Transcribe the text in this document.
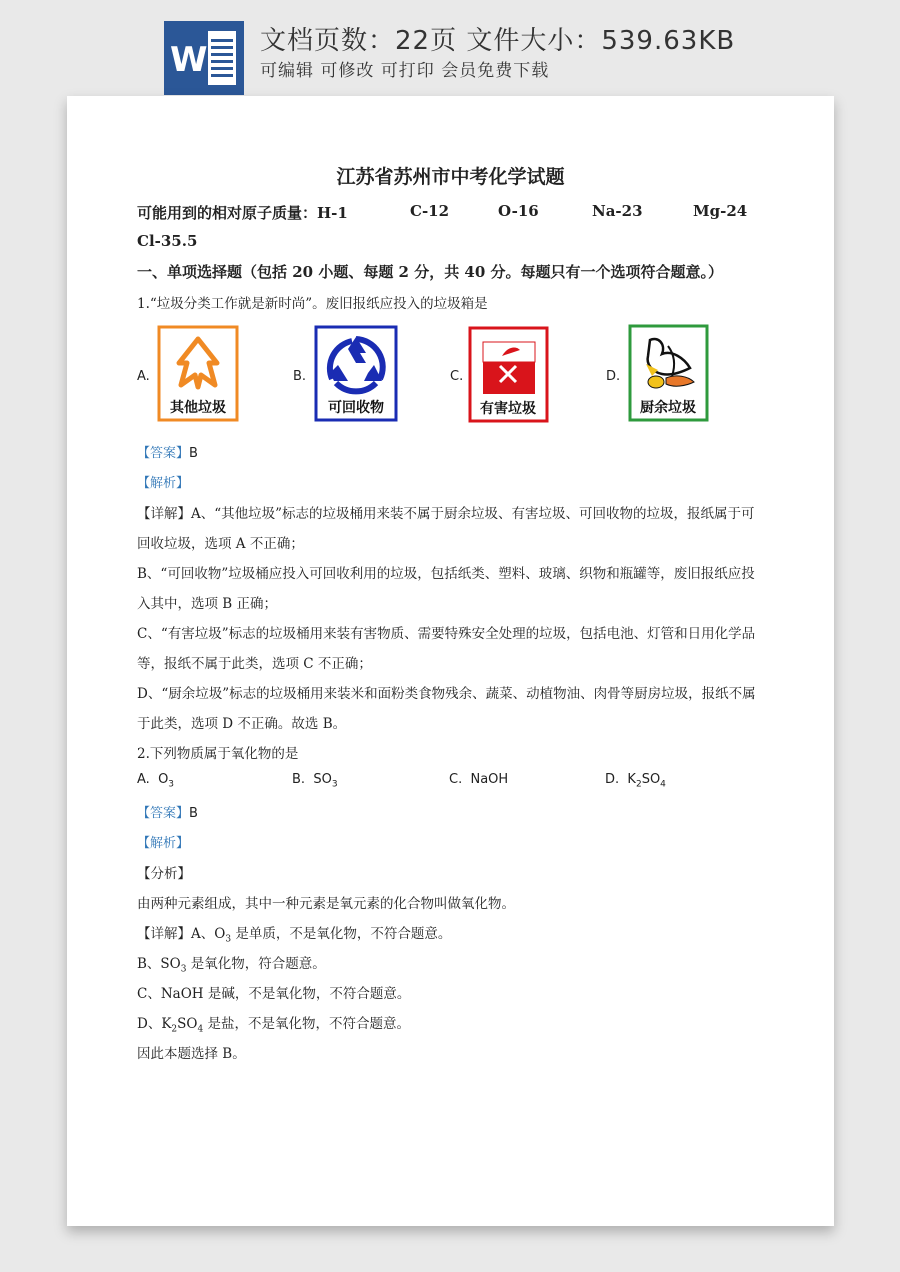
W 文档页数：22页 文件大小：539.63KB
可编辑 可修改 可打印 会员免费下载
江苏省苏州市中考化学试题
可能用到的相对原子质量：H-1	C-12	O-16	Na-23	Mg-24
Cl-35.5
一、单项选择题（包括 20 小题、每题 2 分，共 40 分。每题只有一个选项符合题意。）
1.“垃圾分类工作就是新时尚”。废旧报纸应投入的垃圾箱是
A.
其他垃圾
B.
可回收物
C.
有害垃圾
D.
厨余垃圾
【答案】B
【解析】
【详解】A、“其他垃圾”标志的垃圾桶用来装不属于厨余垃圾、有害垃圾、可回收物的垃圾，报纸属于可
回收垃圾，选项 A 不正确；
B、“可回收物”垃圾桶应投入可回收利用的垃圾，包括纸类、塑料、玻璃、织物和瓶罐等，废旧报纸应投
入其中，选项 B 正确；
C、“有害垃圾”标志的垃圾桶用来装有害物质、需要特殊安全处理的垃圾，包括电池、灯管和日用化学品
等，报纸不属于此类，选项 C 不正确；
D、“厨余垃圾”标志的垃圾桶用来装米和面粉类食物残余、蔬菜、动植物油、肉骨等厨房垃圾，报纸不属
于此类，选项 D 不正确。故选 B。
2.下列物质属于氧化物的是
A. $O_3$	B. $SO_3$	C. NaOH	D. $K_2SO_4$
【答案】B
【解析】
【分析】
由两种元素组成，其中一种元素是氧元素的化合物叫做氧化物。
【详解】A、$O_3$ 是单质，不是氧化物，不符合题意。
B、$SO_3$ 是氧化物，符合题意。
C、NaOH 是碱，不是氧化物，不符合题意。
D、$K_2SO_4$ 是盐，不是氧化物，不符合题意。
因此本题选择 B。
